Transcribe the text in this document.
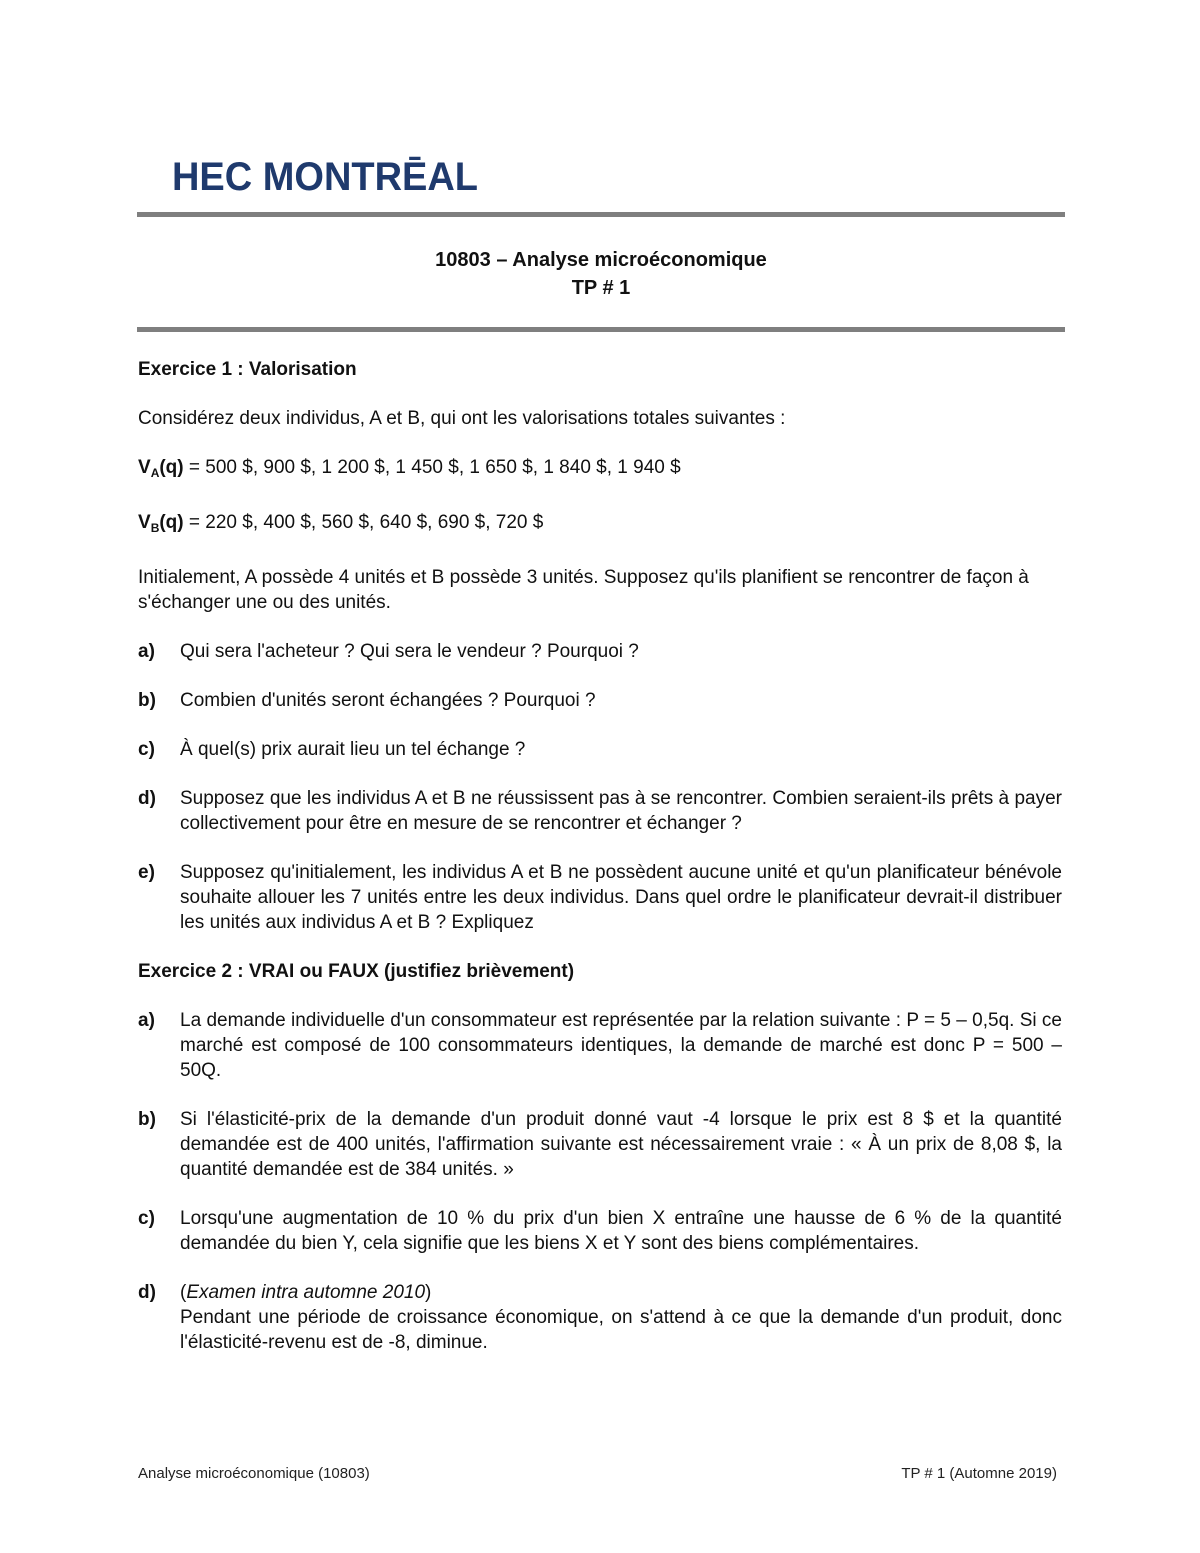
HEC MONTRĒAL
10803 – Analyse microéconomique
TP # 1
Exercice 1 : Valorisation
Considérez deux individus, A et B, qui ont les valorisations totales suivantes :
$V_A(q) = 500$ $, 900 $, 1 200 $, 1 450 $, 1 650 $, 1 840 $, 1 940 $
$V_B(q) = 220$ $, 400 $, 560 $, 640 $, 690 $, 720 $
Initialement, A possède 4 unités et B possède 3 unités. Supposez qu'ils planifient se rencontrer de façon à s'échanger une ou des unités.
a)	Qui sera l'acheteur ? Qui sera le vendeur ? Pourquoi ?
b)	Combien d'unités seront échangées ? Pourquoi ?
c)	À quel(s) prix aurait lieu un tel échange ?
d)	Supposez que les individus A et B ne réussissent pas à se rencontrer. Combien seraient-ils prêts à payer collectivement pour être en mesure de se rencontrer et échanger ?
e)	Supposez qu'initialement, les individus A et B ne possèdent aucune unité et qu'un planificateur bénévole souhaite allouer les 7 unités entre les deux individus. Dans quel ordre le planificateur devrait-il distribuer les unités aux individus A et B ? Expliquez
Exercice 2 : VRAI ou FAUX (justifiez brièvement)
a)	La demande individuelle d'un consommateur est représentée par la relation suivante : P = 5 – 0,5q. Si ce marché est composé de 100 consommateurs identiques, la demande de marché est donc P = 500 – 50Q.
b)	Si l'élasticité-prix de la demande d'un produit donné vaut -4 lorsque le prix est 8 $ et la quantité demandée est de 400 unités, l'affirmation suivante est nécessairement vraie : « À un prix de 8,08 $, la quantité demandée est de 384 unités. »
c)	Lorsqu'une augmentation de 10 % du prix d'un bien X entraîne une hausse de 6 % de la quantité demandée du bien Y, cela signifie que les biens X et Y sont des biens complémentaires.
d)	(Examen intra automne 2010)
Pendant une période de croissance économique, on s'attend à ce que la demande d'un produit, donc l'élasticité-revenu est de -8, diminue.
Analyse microéconomique (10803)	TP # 1 (Automne 2019)
